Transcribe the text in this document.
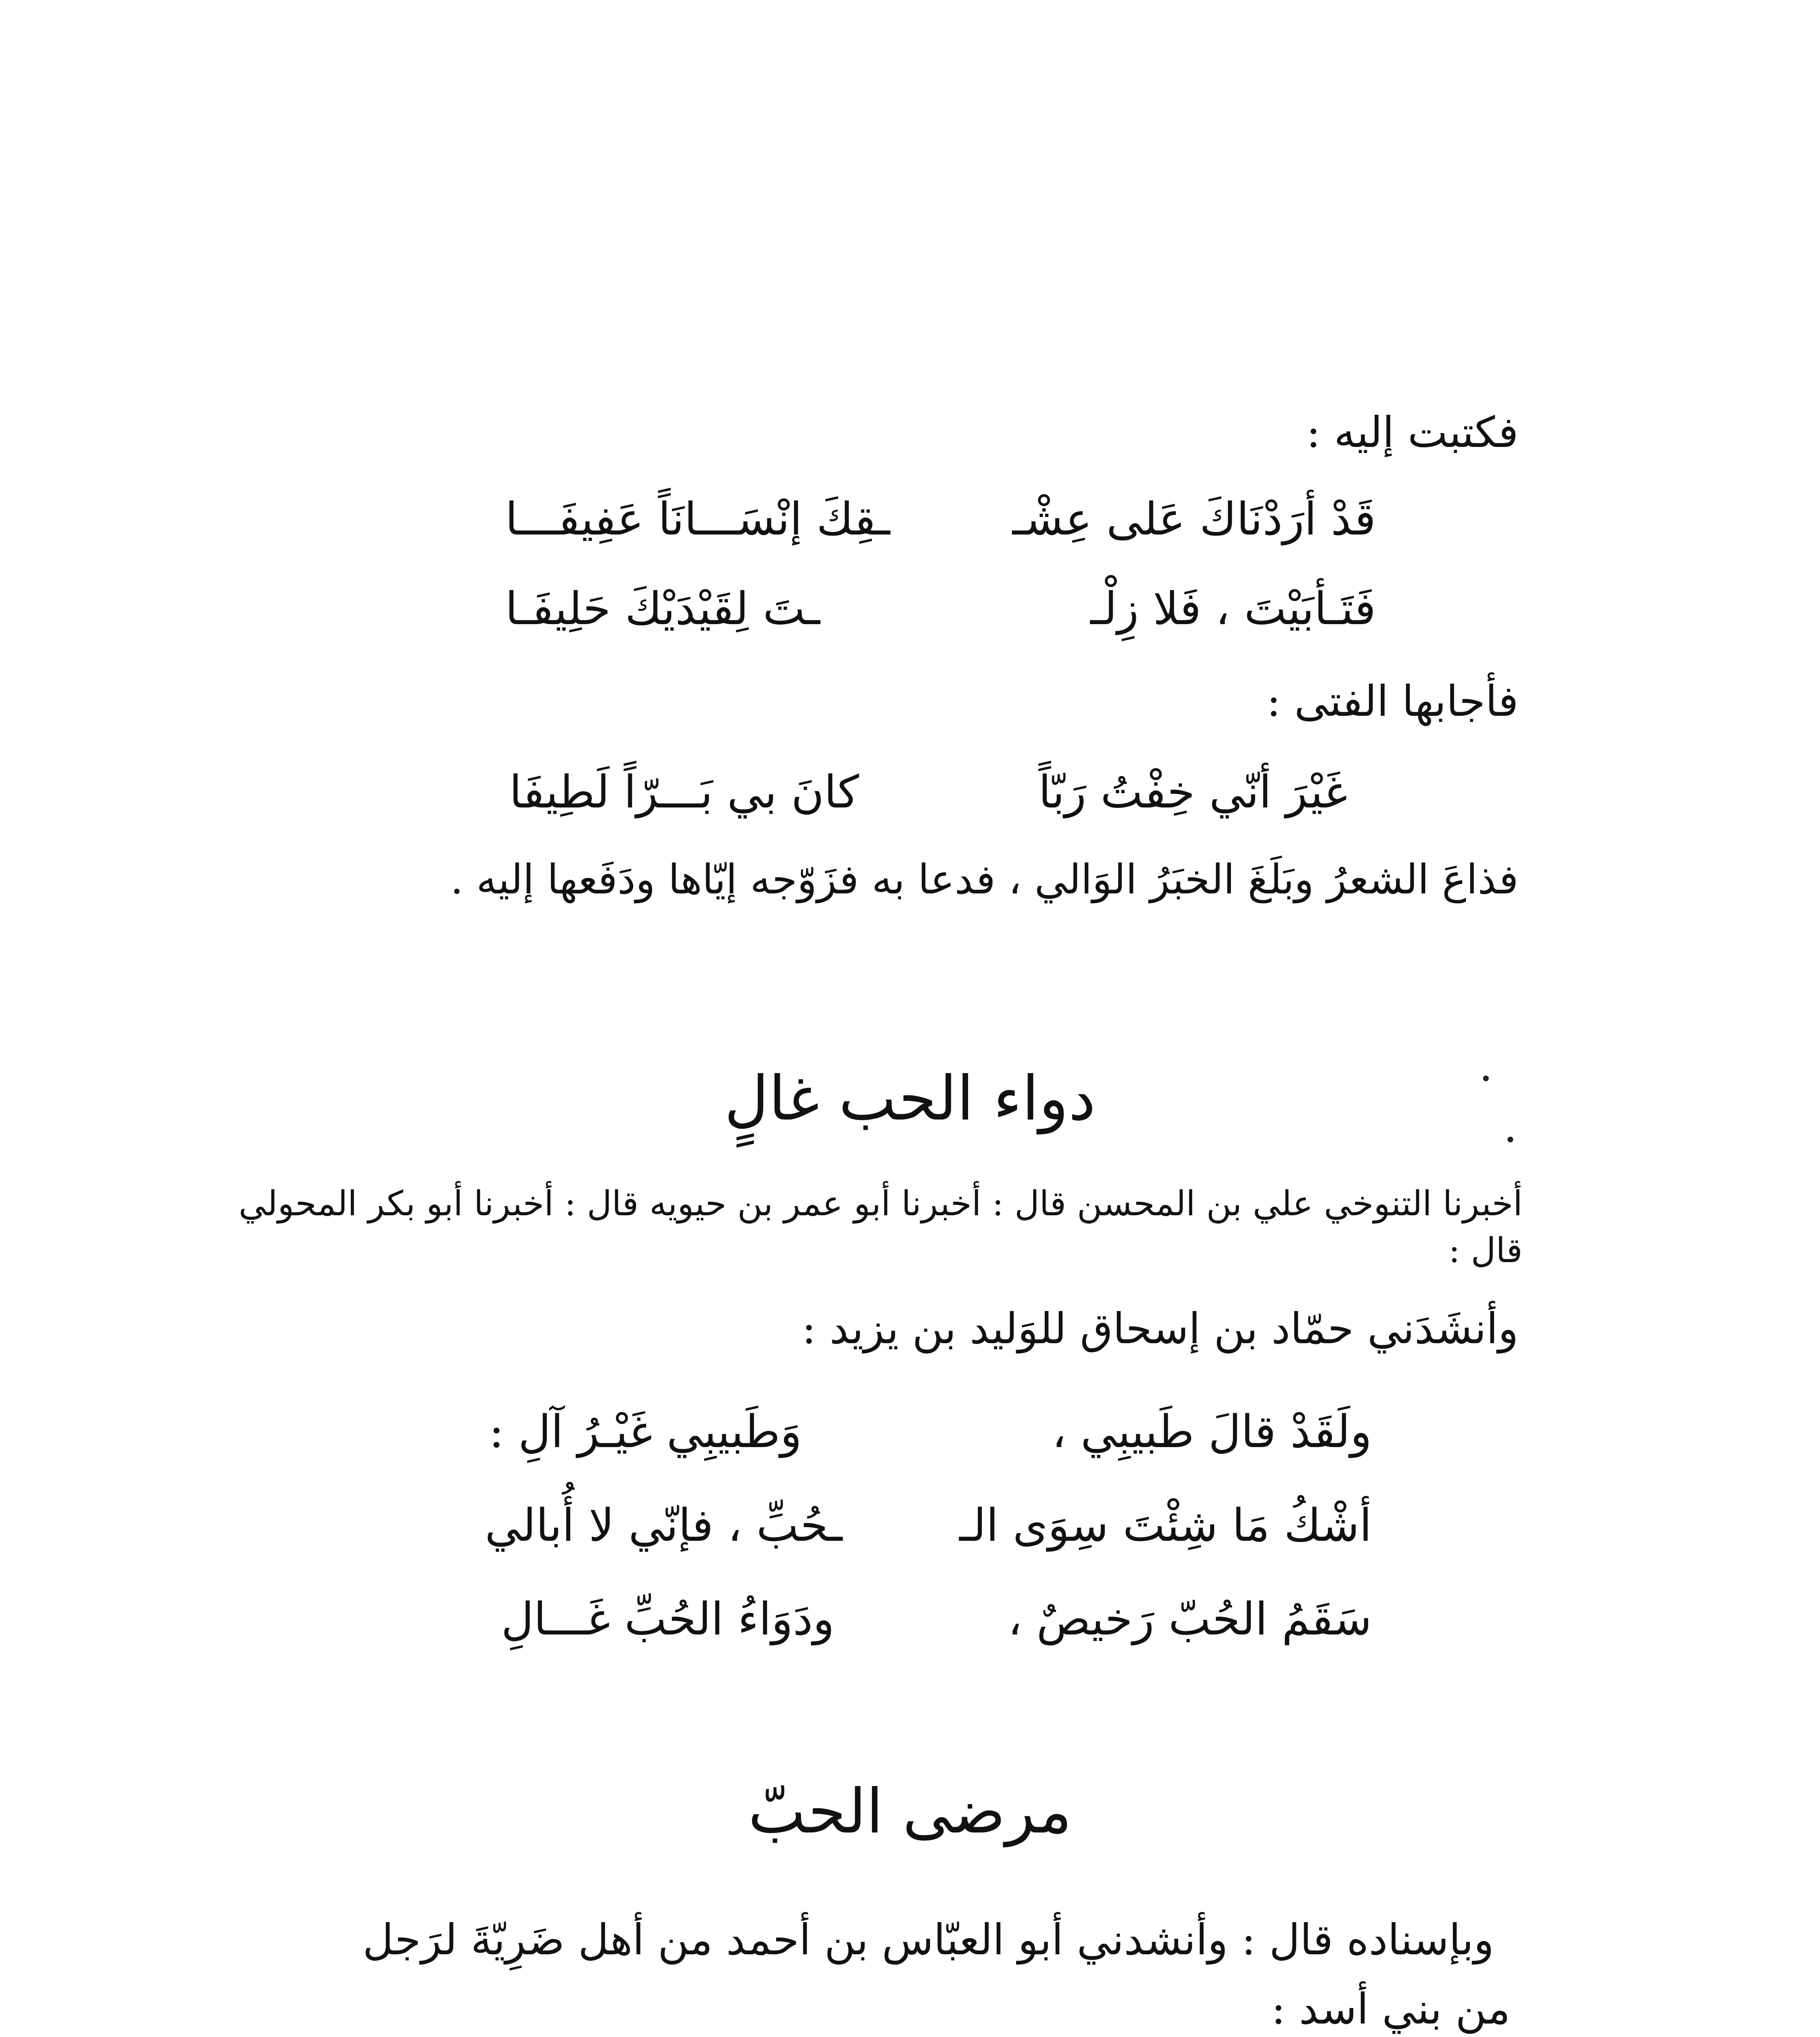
فكتبت إليه :
قَدْ أرَدْنَاكَ عَلى عِشْـ
ـقِكَ إنْسَـــانَاً عَفِيفَـــا
فَتَـأبَيْتَ ، فَلا زِلْـ
ـتَ لِقَيْدَيْكَ حَلِيفَـا
فأجابها الفتى :
غَيْرَ أنّي خِفْتُ رَبّاً
كانَ بي بَـــرّاً لَطِيفَا
فذاعَ الشعرُ وبَلَغَ الخبَرُ الوَالي ، فدعا به فزَوّجه إيّاها ودَفَعها إليه .
دواء الحب غالٍ
أخبرنا التنوخي علي بن المحسن قال : أخبرنا أبو عمر بن حيويه قال : أخبرنا أبو بكر المحولي
قال :
وأنشَدَني حمّاد بن إسحاق للوَليد بن يزيد :
ولَقَدْ قالَ طَبيبِي ،
وَطَبيبِي غَيْـرُ آلِ :
أشْكُ مَا شِئْتَ سِوَى الـ
ـحُبِّ ، فإنّي لا أُبالي
سَقَمُ الحُبّ رَخيصٌ ،
ودَوَاءُ الحُبِّ غَـــالِ
مرضى الحبّ
وبإسناده قال : وأنشدني أبو العبّاس بن أحمد من أهل ضَرِيّةَ لرَجل
من بني أسد :
